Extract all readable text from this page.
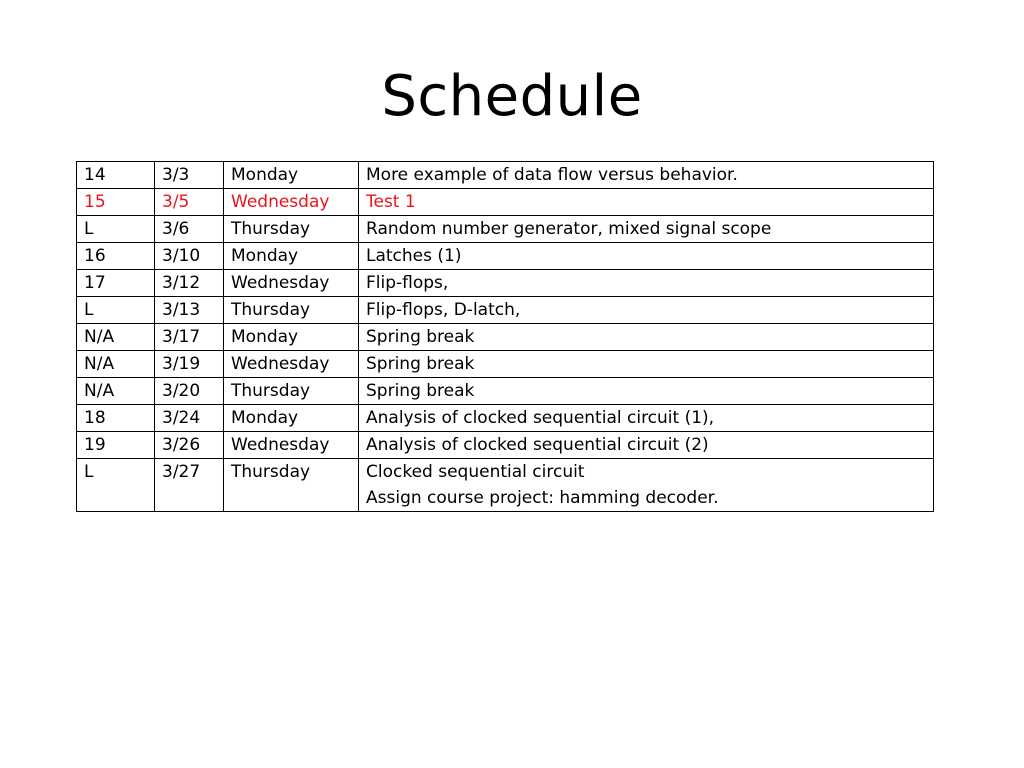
Schedule
14	3/3	Monday	More example of data flow versus behavior.

15	3/5	Wednesday	Test 1

L	3/6	Thursday	Random number generator, mixed signal scope

16	3/10	Monday	Latches (1)

17	3/12	Wednesday	Flip-flops,

L	3/13	Thursday	Flip-flops, D-latch,

N/A	3/17	Monday	Spring break

N/A	3/19	Wednesday	Spring break

N/A	3/20	Thursday	Spring break

18	3/24	Monday	Analysis of clocked sequential circuit (1),

19	3/26	Wednesday	Analysis of clocked sequential circuit (2)

L	3/27	Thursday	Clocked sequential circuit
Assign course project: hamming decoder.
